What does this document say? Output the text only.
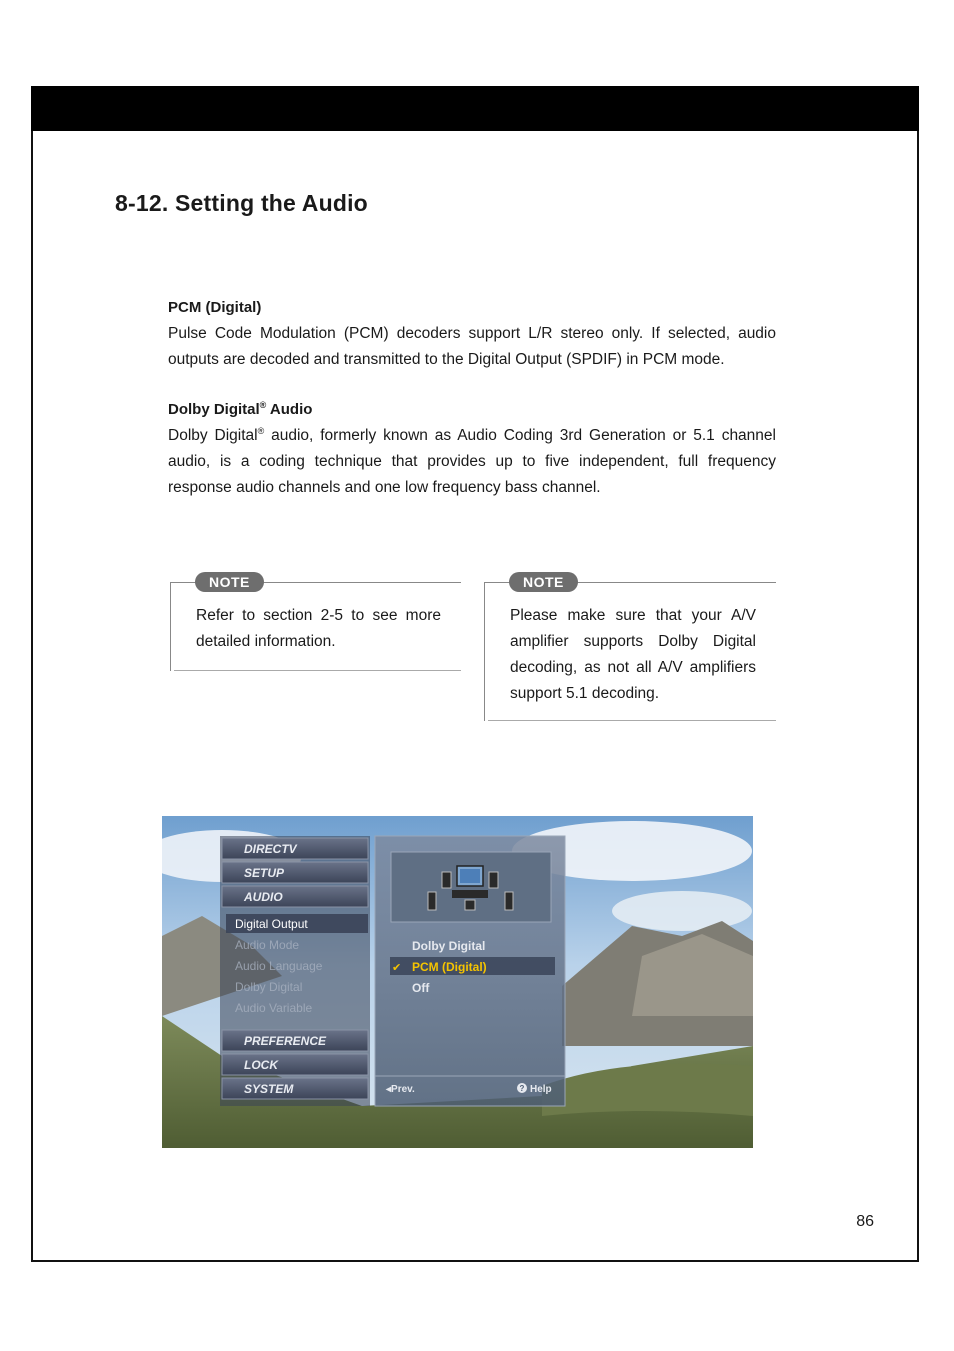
8-12. Setting the Audio
PCM (Digital)

Pulse Code Modulation (PCM) decoders support L/R stereo only. If selected, audio outputs are decoded and transmitted to the Digital Output (SPDIF) in PCM mode.

Dolby Digital® Audio

Dolby Digital® audio, formerly known as Audio Coding 3rd Generation or 5.1 channel audio, is a coding technique that provides up to five independent, full frequency response audio channels and one low frequency bass channel.

NOTE
Refer to section 2-5 to see more detailed information.
NOTE
Please make sure that your A/V amplifier supports Dolby Digital decoding, as not all A/V amplifiers support 5.1 decoding.
DIRECTV
SETUP
AUDIO
Digital Output
Audio Mode
Audio Language
Dolby Digital
Audio Variable
PREFERENCE
LOCK
SYSTEM
Dolby Digital
✔ PCM (Digital)
Off
◂Prev.	? Help
86
